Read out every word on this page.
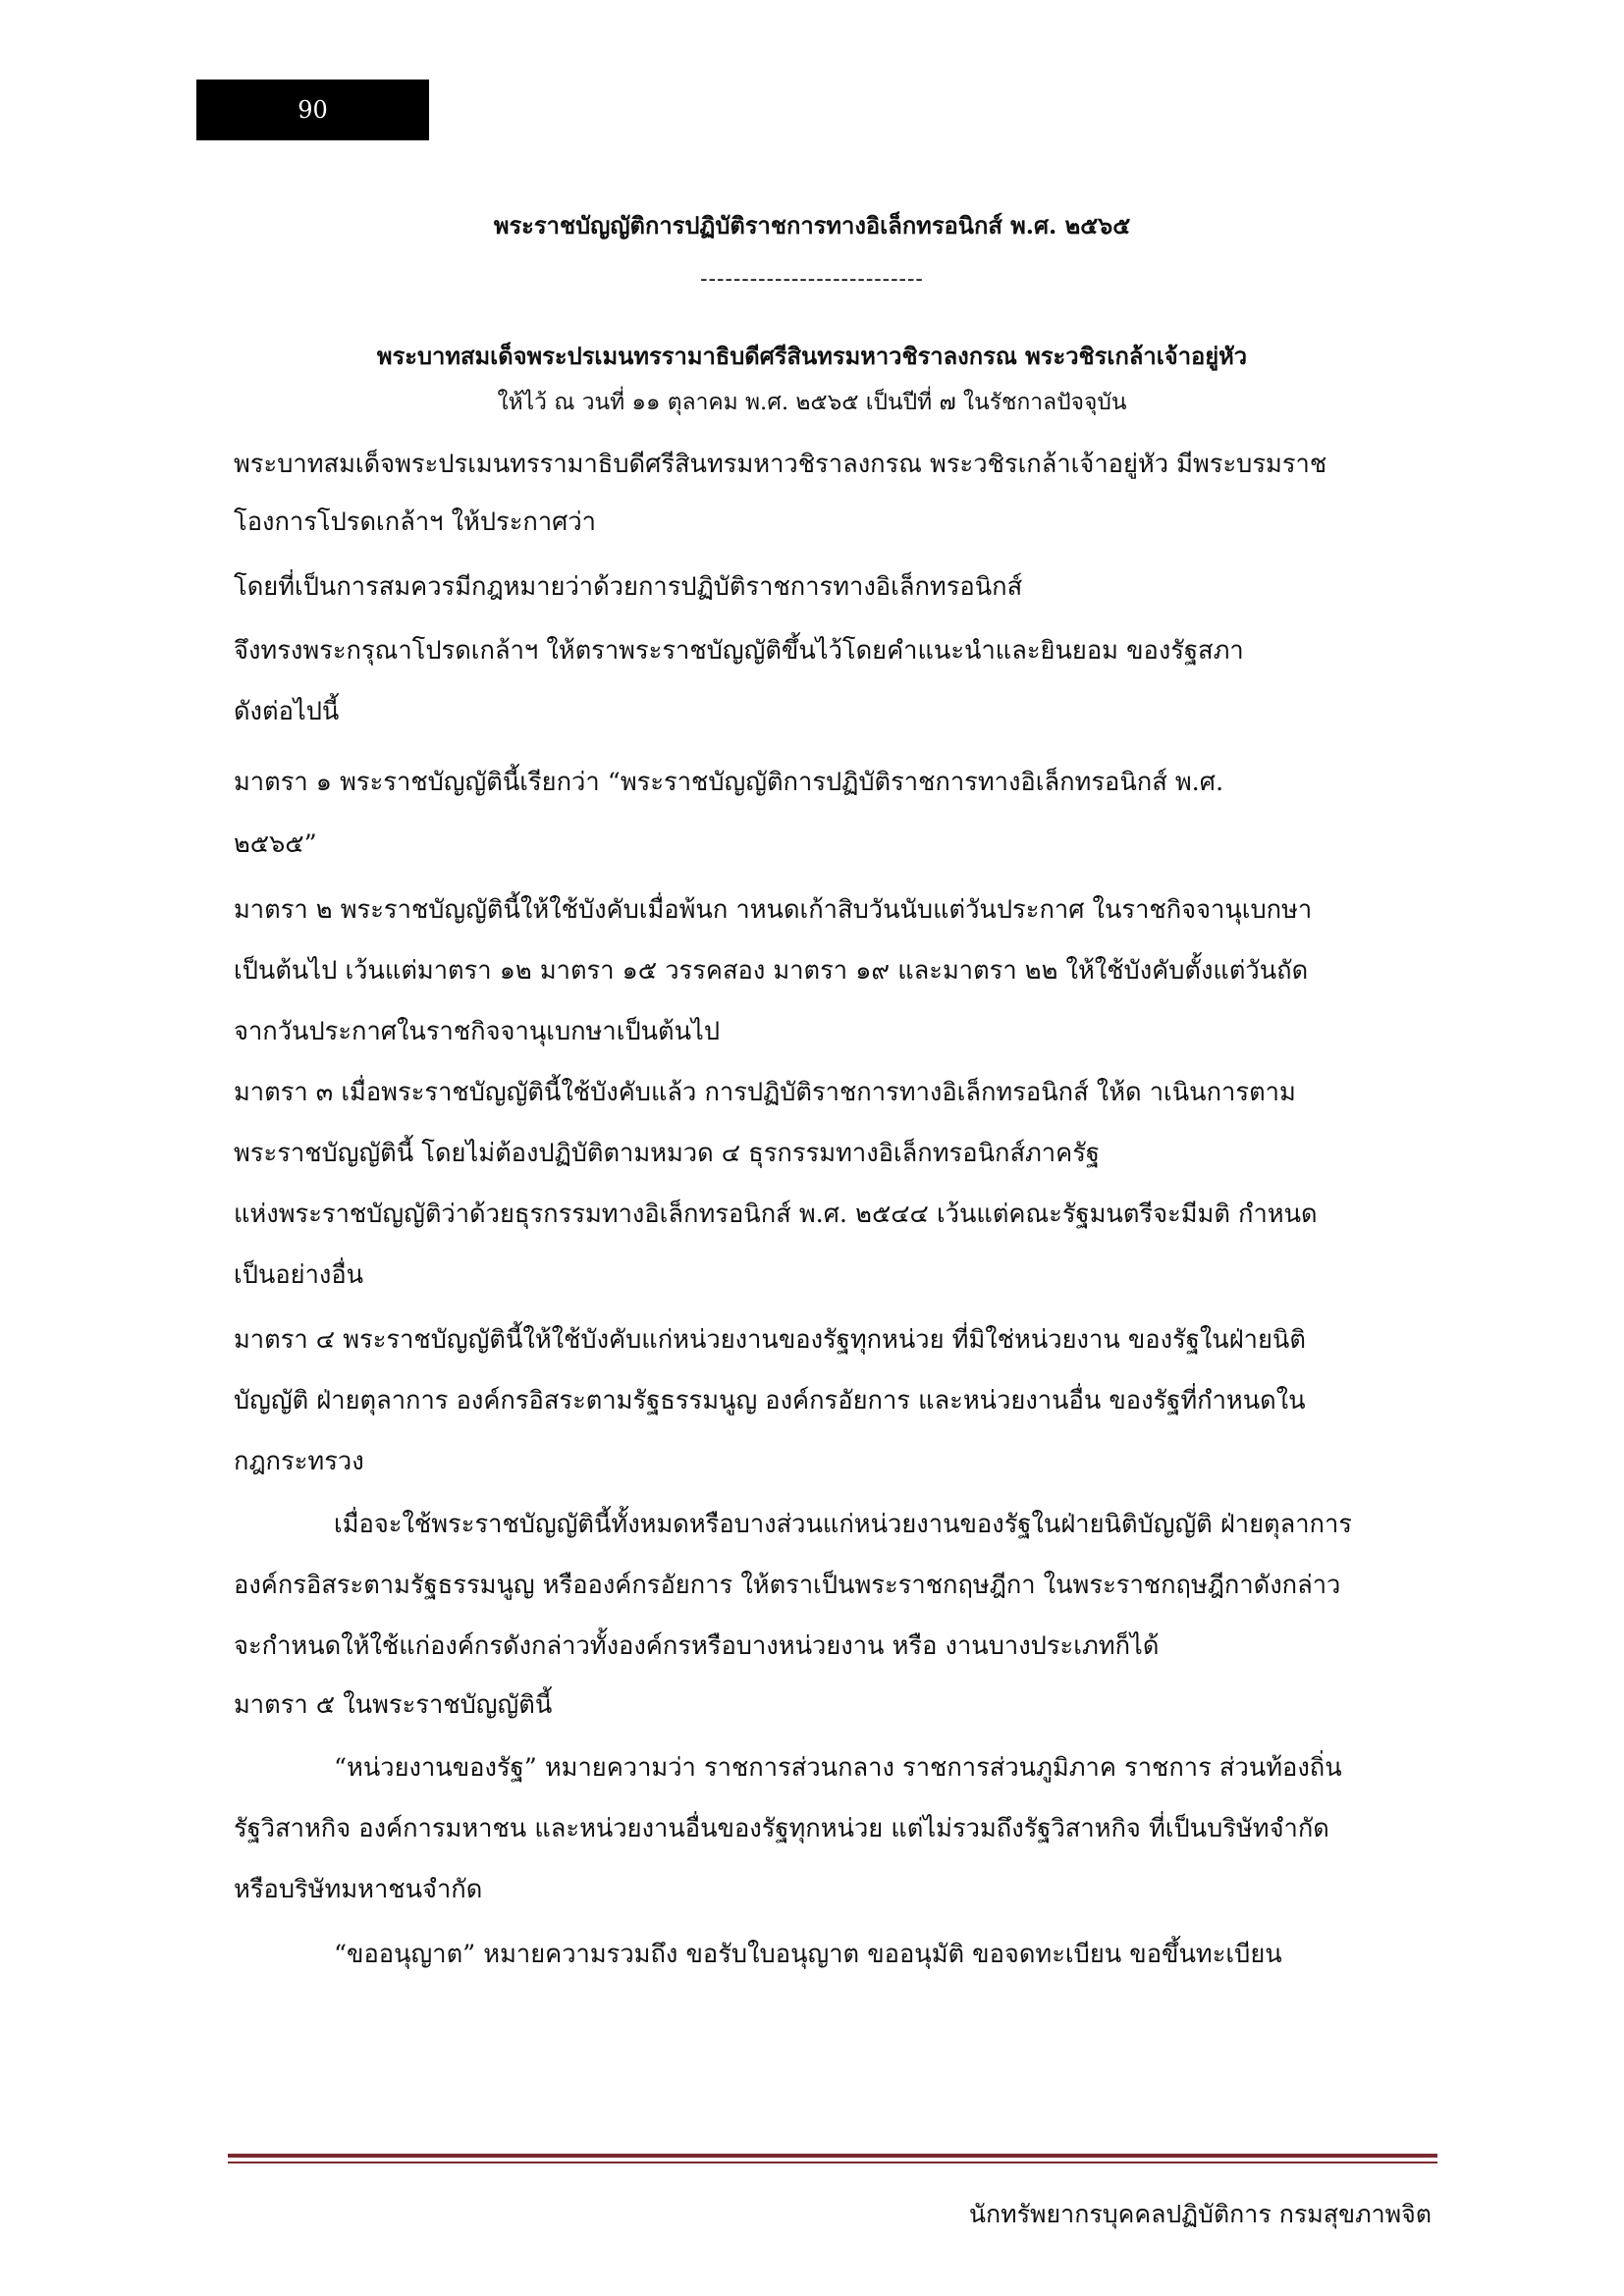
90
พระราชบัญญัติการปฏิบัติราชการทางอิเล็กทรอนิกส์ พ.ศ. ๒๕๖๕
---------------------------
พระบาทสมเด็จพระปรเมนทรรามาธิบดีศรีสินทรมหาวชิราลงกรณ พระวชิรเกล้าเจ้าอยู่หัว
ให้ไว้ ณ วนที่ ๑๑ ตุลาคม พ.ศ. ๒๕๖๕ เป็นปีที่ ๗ ในรัชกาลปัจจุบัน
พระบาทสมเด็จพระปรเมนทรรามาธิบดีศรีสินทรมหาวชิราลงกรณ พระวชิรเกล้าเจ้าอยู่หัว มีพระบรมราช
โองการโปรดเกล้าฯ ให้ประกาศว่า
โดยที่เป็นการสมควรมีกฎหมายว่าด้วยการปฏิบัติราชการทางอิเล็กทรอนิกส์
จึงทรงพระกรุณาโปรดเกล้าฯ ให้ตราพระราชบัญญัติขึ้นไว้โดยคำแนะนำและยินยอม ของรัฐสภา
ดังต่อไปนี้
มาตรา ๑ พระราชบัญญัตินี้เรียกว่า “พระราชบัญญัติการปฏิบัติราชการทางอิเล็กทรอนิกส์ พ.ศ.
๒๕๖๕”
มาตรา ๒ พระราชบัญญัตินี้ให้ใช้บังคับเมื่อพ้นก าหนดเก้าสิบวันนับแต่วันประกาศ ในราชกิจจานุเบกษา
เป็นต้นไป เว้นแต่มาตรา ๑๒ มาตรา ๑๕ วรรคสอง มาตรา ๑๙ และมาตรา ๒๒ ให้ใช้บังคับตั้งแต่วันถัด
จากวันประกาศในราชกิจจานุเบกษาเป็นต้นไป
มาตรา ๓ เมื่อพระราชบัญญัตินี้ใช้บังคับแล้ว การปฏิบัติราชการทางอิเล็กทรอนิกส์ ให้ด าเนินการตาม
พระราชบัญญัตินี้ โดยไม่ต้องปฏิบัติตามหมวด ๔ ธุรกรรมทางอิเล็กทรอนิกส์ภาครัฐ
แห่งพระราชบัญญัติว่าด้วยธุรกรรมทางอิเล็กทรอนิกส์ พ.ศ. ๒๕๔๔ เว้นแต่คณะรัฐมนตรีจะมีมติ กำหนด
เป็นอย่างอื่น
มาตรา ๔ พระราชบัญญัตินี้ให้ใช้บังคับแก่หน่วยงานของรัฐทุกหน่วย ที่มิใช่หน่วยงาน ของรัฐในฝ่ายนิติ
บัญญัติ ฝ่ายตุลาการ องค์กรอิสระตามรัฐธรรมนูญ องค์กรอัยการ และหน่วยงานอื่น ของรัฐที่กำหนดใน
กฎกระทรวง
เมื่อจะใช้พระราชบัญญัตินี้ทั้งหมดหรือบางส่วนแก่หน่วยงานของรัฐในฝ่ายนิติบัญญัติ ฝ่ายตุลาการ
องค์กรอิสระตามรัฐธรรมนูญ หรือองค์กรอัยการ ให้ตราเป็นพระราชกฤษฎีกา ในพระราชกฤษฎีกาดังกล่าว
จะกำหนดให้ใช้แก่องค์กรดังกล่าวทั้งองค์กรหรือบางหน่วยงาน หรือ งานบางประเภทก็ได้
มาตรา ๕ ในพระราชบัญญัตินี้
“หน่วยงานของรัฐ” หมายความว่า ราชการส่วนกลาง ราชการส่วนภูมิภาค ราชการ ส่วนท้องถิ่น
รัฐวิสาหกิจ องค์การมหาชน และหน่วยงานอื่นของรัฐทุกหน่วย แต่ไม่รวมถึงรัฐวิสาหกิจ ที่เป็นบริษัทจำกัด
หรือบริษัทมหาชนจำกัด
“ขออนุญาต” หมายความรวมถึง ขอรับใบอนุญาต ขออนุมัติ ขอจดทะเบียน ขอขึ้นทะเบียน
นักทรัพยากรบุคคลปฏิบัติการ กรมสุขภาพจิต
